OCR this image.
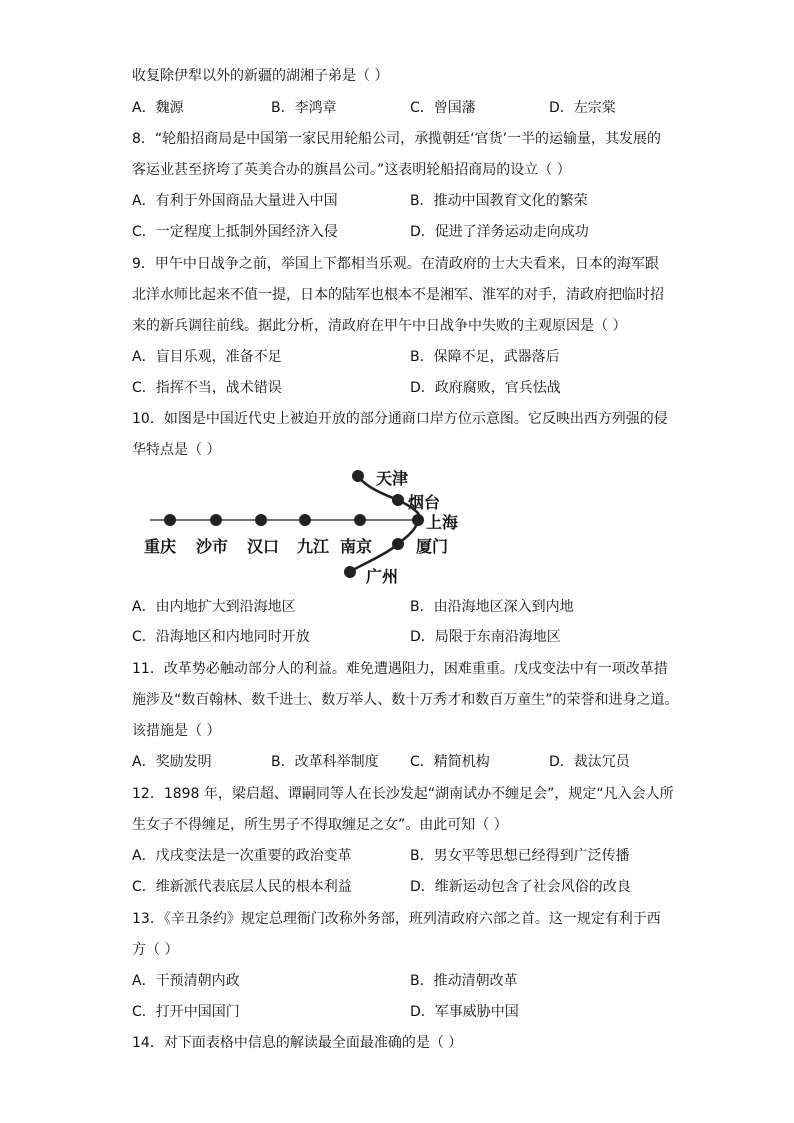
收复除伊犁以外的新疆的湖湘子弟是（ ）
A．魏源	B．李鸿章	C．曾国藩	D．左宗棠
8．“轮船招商局是中国第一家民用轮船公司，承揽朝廷‘官货’一半的运输量，其发展的
客运业甚至挤垮了英美合办的旗昌公司。”这表明轮船招商局的设立（ ）
A．有利于外国商品大量进入中国	B．推动中国教育文化的繁荣
C．一定程度上抵制外国经济入侵	D．促进了洋务运动走向成功
9．甲午中日战争之前，举国上下都相当乐观。在清政府的士大夫看来，日本的海军跟
北洋水师比起来不值一提，日本的陆军也根本不是湘军、淮军的对手，清政府把临时招
来的新兵调往前线。据此分析，清政府在甲午中日战争中失败的主观原因是（ ）
A．盲目乐观，准备不足	B．保障不足，武器落后
C．指挥不当，战术错误	D．政府腐败，官兵怯战
10．如图是中国近代史上被迫开放的部分通商口岸方位示意图。它反映出西方列强的侵
华特点是（ ）
重庆 沙市 汉口 九江 南京
天津
烟台
上海
厦门
广州
A．由内地扩大到沿海地区	B．由沿海地区深入到内地
C．沿海地区和内地同时开放	D．局限于东南沿海地区
11．改革势必触动部分人的利益。难免遭遇阻力，困难重重。戊戌变法中有一项改革措
施涉及“数百翰林、数千进士、数万举人、数十万秀才和数百万童生”的荣誉和进身之道。
该措施是（ ）
A．奖励发明	B．改革科举制度 C．精简机构	D．裁汰冗员
12．1898 年，梁启超、谭嗣同等人在长沙发起“湖南试办不缠足会”，规定“凡入会人所
生女子不得缠足，所生男子不得取缠足之女”。由此可知（ ）
A．戊戌变法是一次重要的政治变革	B．男女平等思想已经得到广泛传播
C．维新派代表底层人民的根本利益	D．维新运动包含了社会风俗的改良
13．《辛丑条约》规定总理衙门改称外务部，班列清政府六部之首。这一规定有利于西
方（ ）
A．干预清朝内政	B．推动清朝改革
C．打开中国国门	D．军事威胁中国
14．对下面表格中信息的解读最全面最准确的是（ ）
